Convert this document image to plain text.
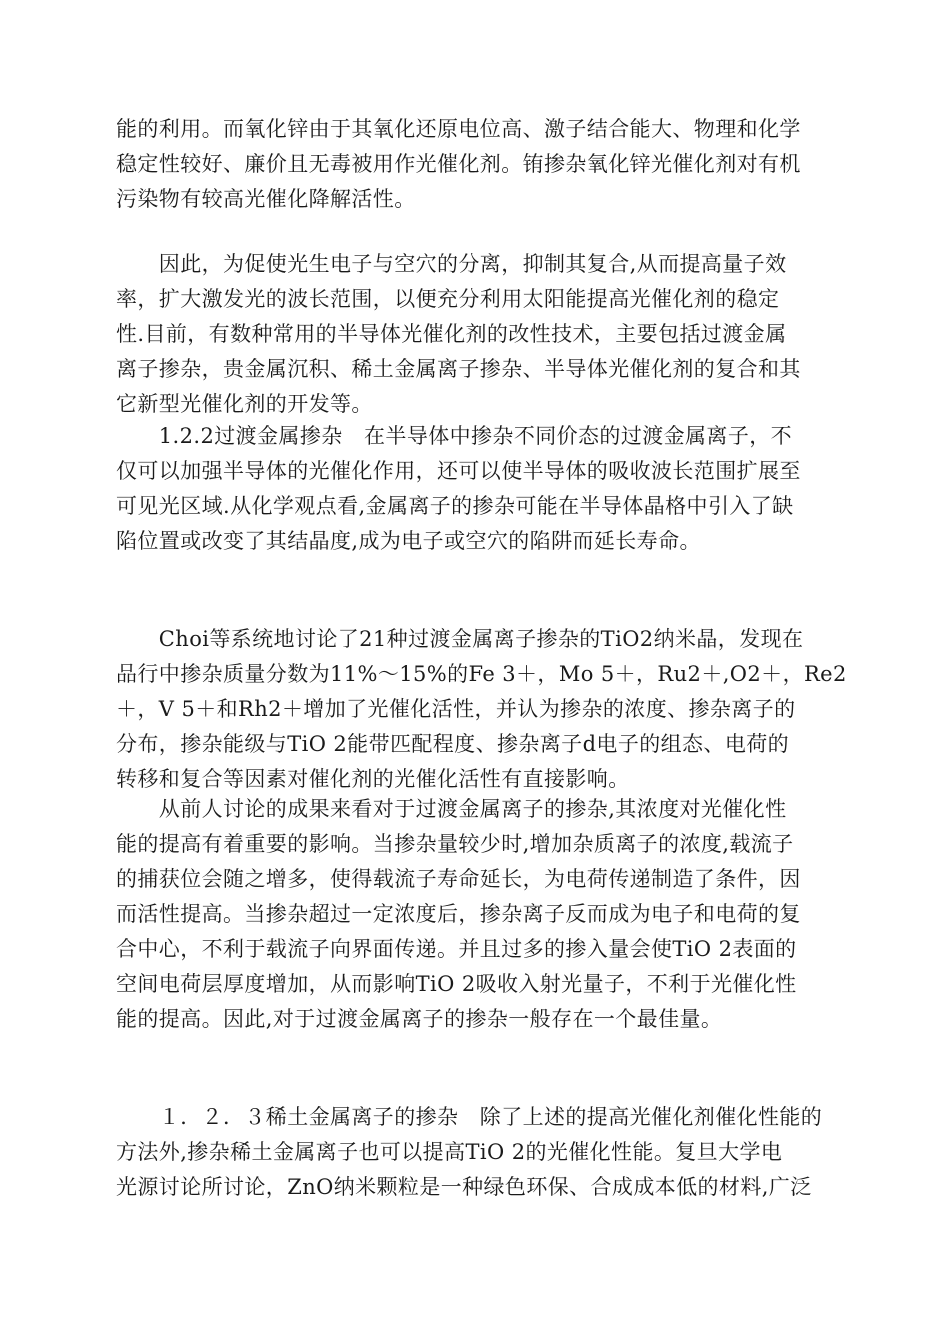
能的利用。而氧化锌由于其氧化还原电位高、激子结合能大、物理和化学
稳定性较好、廉价且无毒被用作光催化剂。铕掺杂氧化锌光催化剂对有机
污染物有较高光催化降解活性。
　　因此，为促使光生电子与空穴的分离，抑制其复合,从而提高量子效
率，扩大激发光的波长范围，以便充分利用太阳能提高光催化剂的稳定
性.目前，有数种常用的半导体光催化剂的改性技术，主要包括过渡金属
离子掺杂，贵金属沉积、稀土金属离子掺杂、半导体光催化剂的复合和其
它新型光催化剂的开发等。
　　1.2.2过渡金属掺杂　在半导体中掺杂不同价态的过渡金属离子，不
仅可以加强半导体的光催化作用，还可以使半导体的吸收波长范围扩展至
可见光区域.从化学观点看,金属离子的掺杂可能在半导体晶格中引入了缺
陷位置或改变了其结晶度,成为电子或空穴的陷阱而延长寿命。
　　Choi等系统地讨论了21种过渡金属离子掺杂的TiO2纳米晶，发现在
品行中掺杂质量分数为11%～15%的Fe 3＋，Mo 5＋，Ru2＋,O2＋，Re2
＋，V 5＋和Rh2＋增加了光催化活性，并认为掺杂的浓度、掺杂离子的
分布，掺杂能级与TiO 2能带匹配程度、掺杂离子d电子的组态、电荷的
转移和复合等因素对催化剂的光催化活性有直接影响。
　　从前人讨论的成果来看对于过渡金属离子的掺杂,其浓度对光催化性
能的提高有着重要的影响。当掺杂量较少时,增加杂质离子的浓度,载流子
的捕获位会随之增多，使得载流子寿命延长，为电荷传递制造了条件，因
而活性提高。当掺杂超过一定浓度后，掺杂离子反而成为电子和电荷的复
合中心，不利于载流子向界面传递。并且过多的掺入量会使TiO 2表面的
空间电荷层厚度增加，从而影响TiO 2吸收入射光量子，不利于光催化性
能的提高。因此,对于过渡金属离子的掺杂一般存在一个最佳量。
　　１．２．３稀土金属离子的掺杂　除了上述的提高光催化剂催化性能的
方法外,掺杂稀土金属离子也可以提高TiO 2的光催化性能。复旦大学电
光源讨论所讨论，ZnO纳米颗粒是一种绿色环保、合成成本低的材料,广泛
